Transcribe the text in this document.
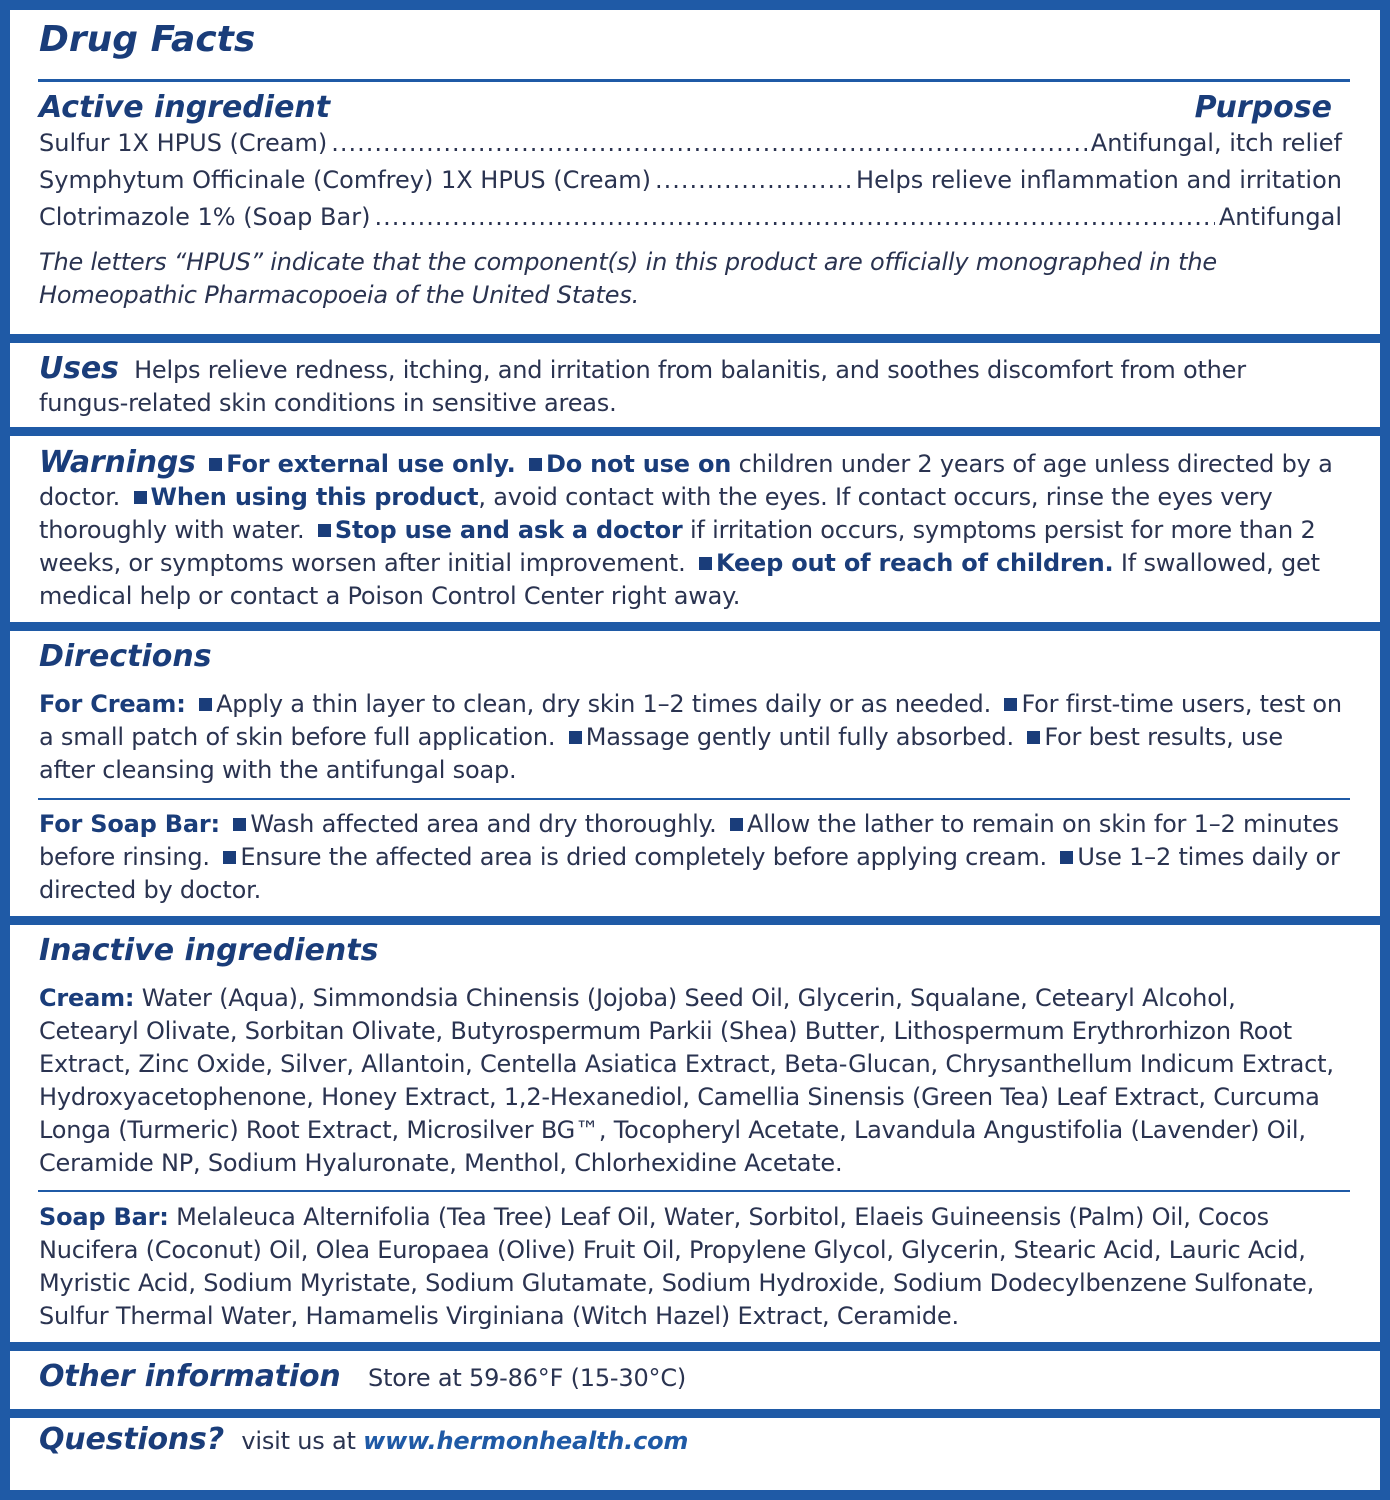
Drug Facts
Active ingredient	Purpose
Sulfur 1X HPUS (Cream) .....	Antifungal, itch relief
Symphytum Officinale (Comfrey) 1X HPUS (Cream) .....	Helps relieve inflammation and irritation
Clotrimazole 1% (Soap Bar) .....	Antifungal
The letters “HPUS” indicate that the component(s) in this product are officially monographed in the Homeopathic Pharmacopoeia of the United States.
Uses Helps relieve redness, itching, and irritation from balanitis, and soothes discomfort from other fungus-related skin conditions in sensitive areas.
Warnings For external use only. Do not use on children under 2 years of age unless directed by a doctor. When using this product, avoid contact with the eyes. If contact occurs, rinse the eyes very thoroughly with water. Stop use and ask a doctor if irritation occurs, symptoms persist for more than 2 weeks, or symptoms worsen after initial improvement. Keep out of reach of children. If swallowed, get medical help or contact a Poison Control Center right away.
Directions
For Cream: Apply a thin layer to clean, dry skin 1–2 times daily or as needed. For first-time users, test on a small patch of skin before full application. Massage gently until fully absorbed. For best results, use after cleansing with the antifungal soap.
For Soap Bar: Wash affected area and dry thoroughly. Allow the lather to remain on skin for 1–2 minutes before rinsing. Ensure the affected area is dried completely before applying cream. Use 1–2 times daily or directed by doctor.
Inactive ingredients
Cream: Water (Aqua), Simmondsia Chinensis (Jojoba) Seed Oil, Glycerin, Squalane, Cetearyl Alcohol, Cetearyl Olivate, Sorbitan Olivate, Butyrospermum Parkii (Shea) Butter, Lithospermum Erythrorhizon Root Extract, Zinc Oxide, Silver, Allantoin, Centella Asiatica Extract, Beta-Glucan, Chrysanthellum Indicum Extract, Hydroxyacetophenone, Honey Extract, 1,2-Hexanediol, Camellia Sinensis (Green Tea) Leaf Extract, Curcuma Longa (Turmeric) Root Extract, Microsilver BG™, Tocopheryl Acetate, Lavandula Angustifolia (Lavender) Oil, Ceramide NP, Sodium Hyaluronate, Menthol, Chlorhexidine Acetate.
Soap Bar: Melaleuca Alternifolia (Tea Tree) Leaf Oil, Water, Sorbitol, Elaeis Guineensis (Palm) Oil, Cocos Nucifera (Coconut) Oil, Olea Europaea (Olive) Fruit Oil, Propylene Glycol, Glycerin, Stearic Acid, Lauric Acid, Myristic Acid, Sodium Myristate, Sodium Glutamate, Sodium Hydroxide, Sodium Dodecylbenzene Sulfonate, Sulfur Thermal Water, Hamamelis Virginiana (Witch Hazel) Extract, Ceramide.
Other information Store at 59-86°F (15-30°C)
Questions? visit us at www.hermonhealth.com
